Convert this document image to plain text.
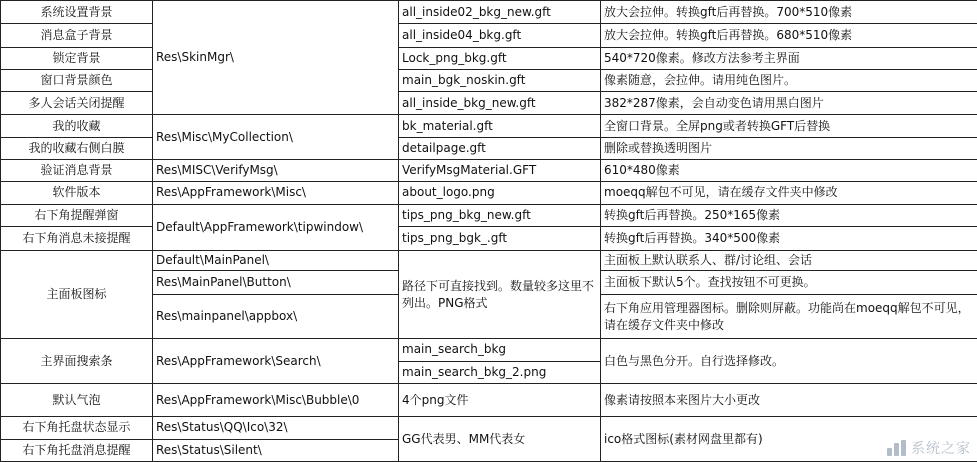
系统设置背景	Res\SkinMgr\	all_inside02_bkg_new.gft	放大会拉伸。转换gft后再替换。700*510像素
消息盒子背景		all_inside04_bkg.gft	放大会拉伸。转换gft后再替换。680*510像素
锁定背景		Lock_png_bkg.gft	540*720像素。修改方法参考主界面
窗口背景颜色		main_bgk_noskin.gft	像素随意，会拉伸。请用纯色图片。
多人会话关闭提醒		all_inside_bkg_new.gft	382*287像素，会自动变色请用黑白图片
我的收藏	Res\Misc\MyCollection\	bk_material.gft	全窗口背景。全屏png或者转换GFT后替换
我的收藏右侧白膜		detailpage.gft	删除或替换透明图片
验证消息背景	Res\MISC\VerifyMsg\	VerifyMsgMaterial.GFT	610*480像素
软件版本	Res\AppFramework\Misc\	about_logo.png	moeqq解包不可见，请在缓存文件夹中修改
右下角提醒弹窗	Default\AppFramework\tipwindow\	tips_png_bkg_new.gft	转换gft后再替换。250*165像素
右下角消息未接提醒		tips_png_bgk_.gft	转换gft后再替换。340*500像素
主面板图标	Default\MainPanel\	路径下可直接找到。数量较多这里不列出。PNG格式	主面板上默认联系人、群/讨论组、会话
	Res\MainPanel\Button\		主面板下默认5个。查找按钮不可更换。
	Res\mainpanel\appbox\		右下角应用管理器图标。删除则屏蔽。功能尚在moeqq解包不可见，请在缓存文件夹中修改
主界面搜索条	Res\AppFramework\Search\	main_search_bkg	白色与黑色分开。自行选择修改。
		main_search_bkg_2.png	
默认气泡	Res\AppFramework\Misc\Bubble\0	4个png文件	像素请按照本来图片大小更改
右下角托盘状态显示	Res\Status\QQ\Ico\32\	GG代表男、MM代表女	ico格式图标(素材网盘里都有)
右下角托盘消息提醒	Res\Status\Silent\			系统之家
